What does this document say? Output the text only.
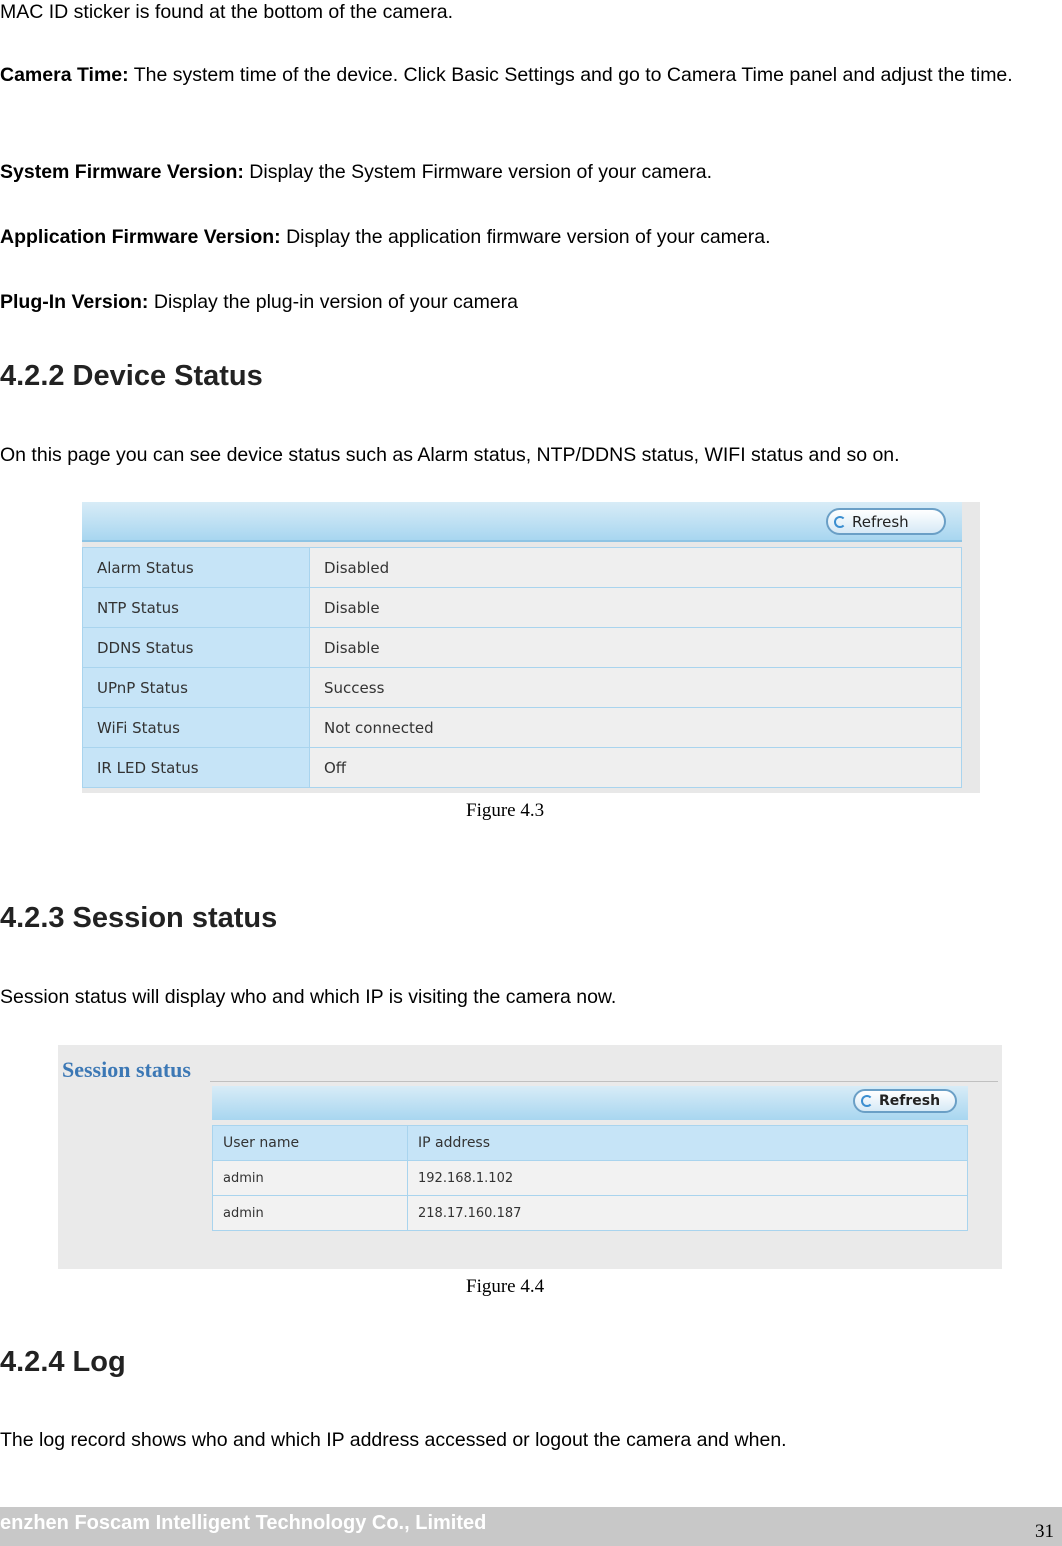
MAC ID sticker is found at the bottom of the camera.

Camera Time: The system time of the device. Click Basic Settings and go to Camera Time panel and adjust the time.

System Firmware Version: Display the System Firmware version of your camera.

Application Firmware Version: Display the application firmware version of your camera.

Plug-In Version: Display the plug-in version of your camera

4.2.2 Device Status

On this page you can see device status such as Alarm status, NTP/DDNS status, WIFI status and so on.

Refresh
Alarm Status	Disabled
NTP Status	Disable
DDNS Status	Disable
UPnP Status	Success
WiFi Status	Not connected
IR LED Status	Off
Figure 4.3
4.2.3 Session status

Session status will display who and which IP is visiting the camera now.

Session status
Refresh
User name	IP address
admin	192.168.1.102
admin	218.17.160.187
Figure 4.4
4.2.4 Log

The log record shows who and which IP address accessed or logout the camera and when.

enzhen Foscam Intelligent Technology Co., Limited	31
